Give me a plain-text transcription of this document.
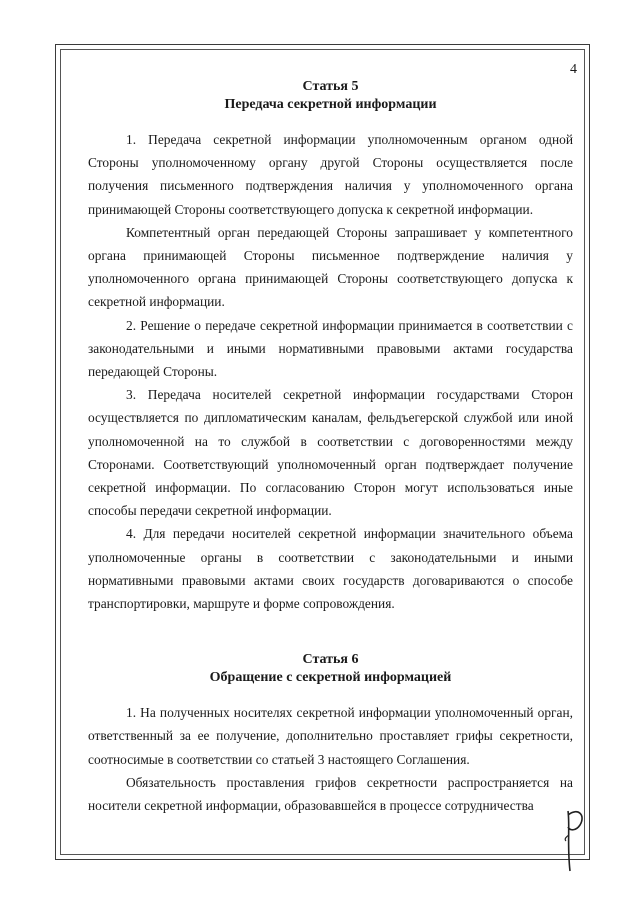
4
Статья 5
Передача секретной информации

1. Передача секретной информации уполномоченным органом одной Стороны уполномоченному органу другой Стороны осуществляется после получения письменного подтверждения наличия у уполномоченного органа принимающей Стороны соответствующего допуска к секретной информации.

Компетентный орган передающей Стороны запрашивает у компетентного органа принимающей Стороны письменное подтверждение наличия у уполномоченного органа принимающей Стороны соответствующего допуска к секретной информации.

2. Решение о передаче секретной информации принимается в соответствии с законодательными и иными нормативными правовыми актами государства передающей Стороны.

3. Передача носителей секретной информации государствами Сторон осуществляется по дипломатическим каналам, фельдъегерской службой или иной уполномоченной на то службой в соответствии с договоренностями между Сторонами. Соответствующий уполномоченный орган подтверждает получение секретной информации. По согласованию Сторон могут использоваться иные способы передачи секретной информации.

4. Для передачи носителей секретной информации значительного объема уполномоченные органы в соответствии с законодательными и иными нормативными правовыми актами своих государств договариваются о способе транспортировки, маршруте и форме сопровождения.

Статья 6
Обращение с секретной информацией

1. На полученных носителях секретной информации уполномоченный орган, ответственный за ее получение, дополнительно проставляет грифы секретности, соотносимые в соответствии со статьей 3 настоящего Соглашения.

Обязательность проставления грифов секретности распространяется на носители секретной информации, образовавшейся в процессе сотрудничества
